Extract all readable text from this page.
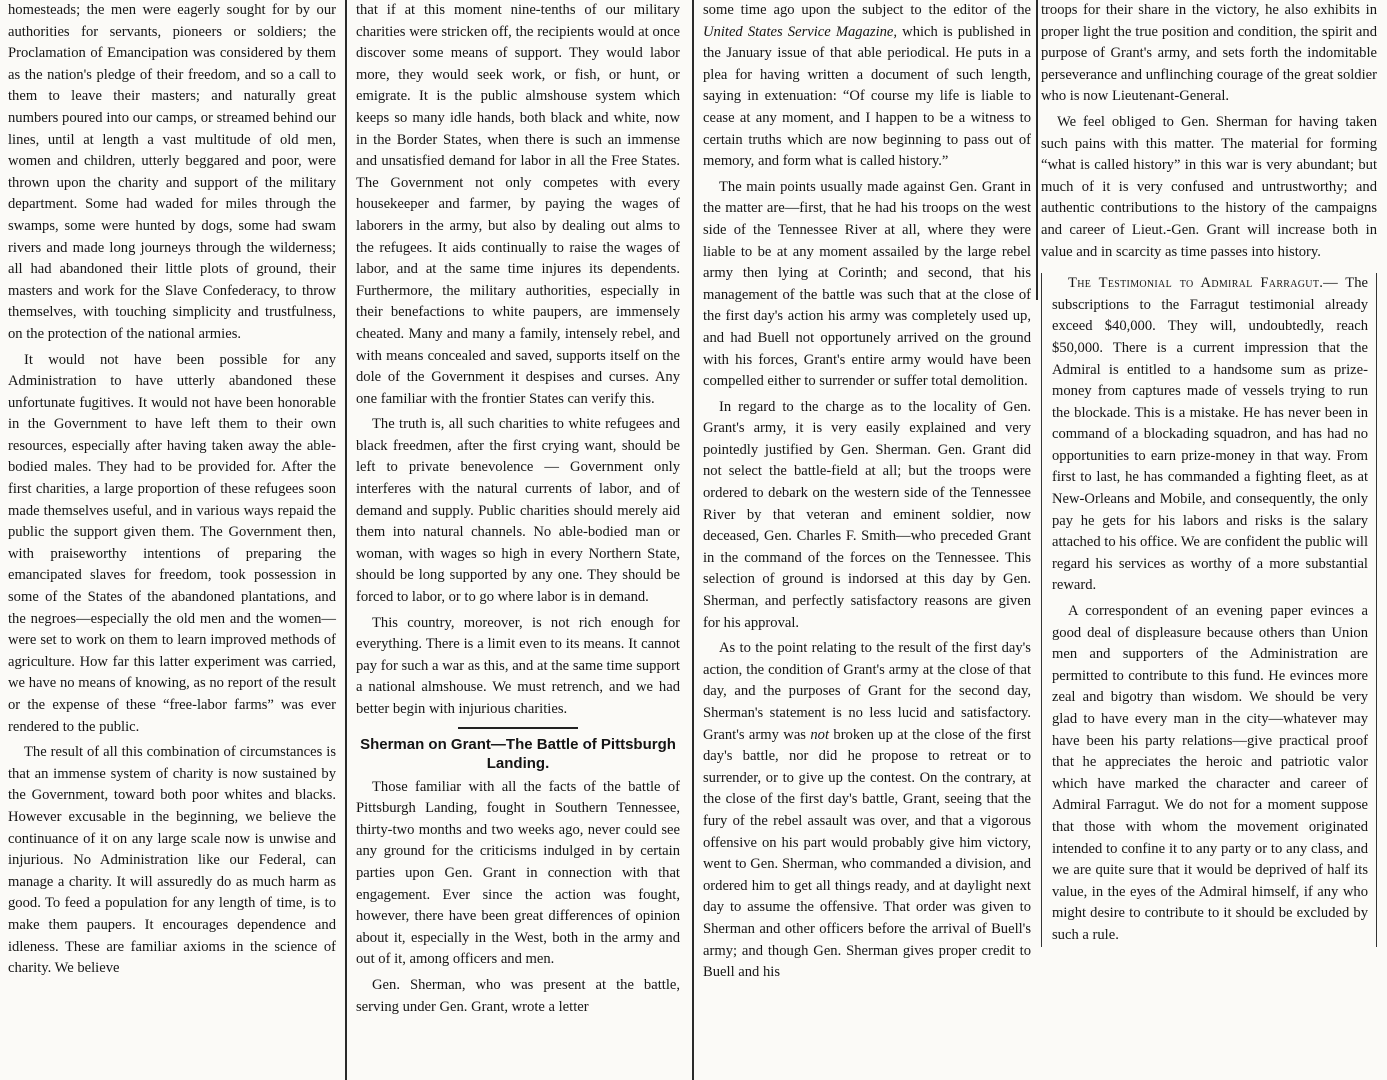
homesteads; the men were eagerly sought for by our authorities for servants, pioneers or soldiers; the Proclamation of Emancipation was considered by them as the nation's pledge of their freedom, and so a call to them to leave their masters; and naturally great numbers poured into our camps, or streamed behind our lines, until at length a vast multitude of old men, women and children, utterly beggared and poor, were thrown upon the charity and support of the military department. Some had waded for miles through the swamps, some were hunted by dogs, some had swam rivers and made long journeys through the wilderness; all had abandoned their little plots of ground, their masters and work for the Slave Confederacy, to throw themselves, with touching simplicity and trustfulness, on the protection of the national armies.

It would not have been possible for any Administration to have utterly abandoned these unfortunate fugitives. It would not have been honorable in the Government to have left them to their own resources, especially after having taken away the able-bodied males. They had to be provided for. After the first charities, a large proportion of these refugees soon made themselves useful, and in various ways repaid the public the support given them. The Government then, with praiseworthy intentions of preparing the emancipated slaves for freedom, took possession in some of the States of the abandoned plantations, and the negroes—especially the old men and the women—were set to work on them to learn improved methods of agriculture. How far this latter experiment was carried, we have no means of knowing, as no report of the result or the expense of these “free-labor farms” was ever rendered to the public.

The result of all this combination of circumstances is that an immense system of charity is now sustained by the Government, toward both poor whites and blacks. However excusable in the beginning, we believe the continuance of it on any large scale now is unwise and injurious. No Administration like our Federal, can manage a charity. It will assuredly do as much harm as good. To feed a population for any length of time, is to make them paupers. It encourages dependence and idleness. These are familiar axioms in the science of charity. We believe

that if at this moment nine-tenths of our military charities were stricken off, the recipients would at once discover some means of support. They would labor more, they would seek work, or fish, or hunt, or emigrate. It is the public almshouse system which keeps so many idle hands, both black and white, now in the Border States, when there is such an immense and unsatisfied demand for labor in all the Free States. The Government not only competes with every housekeeper and farmer, by paying the wages of laborers in the army, but also by dealing out alms to the refugees. It aids continually to raise the wages of labor, and at the same time injures its dependents. Furthermore, the military authorities, especially in their benefactions to white paupers, are immensely cheated. Many and many a family, intensely rebel, and with means concealed and saved, supports itself on the dole of the Government it despises and curses. Any one familiar with the frontier States can verify this.

The truth is, all such charities to white refugees and black freedmen, after the first crying want, should be left to private benevolence — Government only interferes with the natural currents of labor, and of demand and supply. Public charities should merely aid them into natural channels. No able-bodied man or woman, with wages so high in every Northern State, should be long supported by any one. They should be forced to labor, or to go where labor is in demand.

This country, moreover, is not rich enough for everything. There is a limit even to its means. It cannot pay for such a war as this, and at the same time support a national almshouse. We must retrench, and we had better begin with injurious charities.

Sherman on Grant—The Battle of Pittsburgh Landing.

Those familiar with all the facts of the battle of Pittsburgh Landing, fought in Southern Tennessee, thirty-two months and two weeks ago, never could see any ground for the criticisms indulged in by certain parties upon Gen. Grant in connection with that engagement. Ever since the action was fought, however, there have been great differences of opinion about it, especially in the West, both in the army and out of it, among officers and men.

Gen. Sherman, who was present at the battle, serving under Gen. Grant, wrote a letter

some time ago upon the subject to the editor of the United States Service Magazine, which is published in the January issue of that able periodical. He puts in a plea for having written a document of such length, saying in extenuation: “Of course my life is liable to cease at any moment, and I happen to be a witness to certain truths which are now beginning to pass out of memory, and form what is called history.”

The main points usually made against Gen. Grant in the matter are—first, that he had his troops on the west side of the Tennessee River at all, where they were liable to be at any moment assailed by the large rebel army then lying at Corinth; and second, that his management of the battle was such that at the close of the first day's action his army was completely used up, and had Buell not opportunely arrived on the ground with his forces, Grant's entire army would have been compelled either to surrender or suffer total demolition.

In regard to the charge as to the locality of Gen. Grant's army, it is very easily explained and very pointedly justified by Gen. Sherman. Gen. Grant did not select the battle-field at all; but the troops were ordered to debark on the western side of the Tennessee River by that veteran and eminent soldier, now deceased, Gen. Charles F. Smith—who preceded Grant in the command of the forces on the Tennessee. This selection of ground is indorsed at this day by Gen. Sherman, and perfectly satisfactory reasons are given for his approval.

As to the point relating to the result of the first day's action, the condition of Grant's army at the close of that day, and the purposes of Grant for the second day, Sherman's statement is no less lucid and satisfactory. Grant's army was not broken up at the close of the first day's battle, nor did he propose to retreat or to surrender, or to give up the contest. On the contrary, at the close of the first day's battle, Grant, seeing that the fury of the rebel assault was over, and that a vigorous offensive on his part would probably give him victory, went to Gen. Sherman, who commanded a division, and ordered him to get all things ready, and at daylight next day to assume the offensive. That order was given to Sherman and other officers before the arrival of Buell's army; and though Gen. Sherman gives proper credit to Buell and his

troops for their share in the victory, he also exhibits in proper light the true position and condition, the spirit and purpose of Grant's army, and sets forth the indomitable perseverance and unflinching courage of the great soldier who is now Lieutenant-General.

We feel obliged to Gen. Sherman for having taken such pains with this matter. The material for forming “what is called history” in this war is very abundant; but much of it is very confused and untrustworthy; and authentic contributions to the history of the campaigns and career of Lieut.-Gen. Grant will increase both in value and in scarcity as time passes into history.

The Testimonial to Admiral Farragut.— The subscriptions to the Farragut testimonial already exceed $40,000. They will, undoubtedly, reach $50,000. There is a current impression that the Admiral is entitled to a handsome sum as prize-money from captures made of vessels trying to run the blockade. This is a mistake. He has never been in command of a blockading squadron, and has had no opportunities to earn prize-money in that way. From first to last, he has commanded a fighting fleet, as at New-Orleans and Mobile, and consequently, the only pay he gets for his labors and risks is the salary attached to his office. We are confident the public will regard his services as worthy of a more substantial reward.

A correspondent of an evening paper evinces a good deal of displeasure because others than Union men and supporters of the Administration are permitted to contribute to this fund. He evinces more zeal and bigotry than wisdom. We should be very glad to have every man in the city—whatever may have been his party relations—give practical proof that he appreciates the heroic and patriotic valor which have marked the character and career of Admiral Farragut. We do not for a moment suppose that those with whom the movement originated intended to confine it to any party or to any class, and we are quite sure that it would be deprived of half its value, in the eyes of the Admiral himself, if any who might desire to contribute to it should be excluded by such a rule.
